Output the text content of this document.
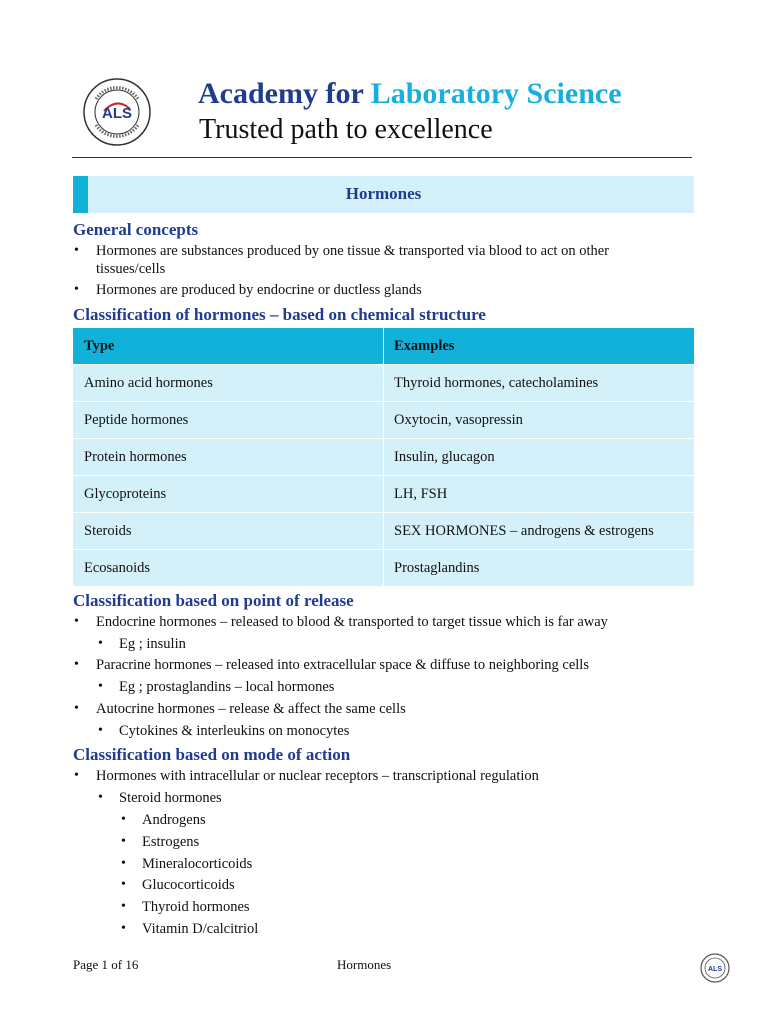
ALS
Academy for Laboratory Science
Trusted path to excellence
Hormones
General concepts
• Hormones are substances produced by one tissue & transported via blood to act on other
tissues/cells
• Hormones are produced by endocrine or ductless glands
Classification of hormones – based on chemical structure
Type	Examples
Amino acid hormones	Thyroid hormones, catecholamines
Peptide hormones	Oxytocin, vasopressin
Protein hormones	Insulin, glucagon
Glycoproteins	LH, FSH
Steroids	SEX HORMONES – androgens & estrogens
Ecosanoids	Prostaglandins
Classification based on point of release
• Endocrine hormones – released to blood & transported to target tissue which is far away
• Eg ; insulin
• Paracrine hormones – released into extracellular space & diffuse to neighboring cells
• Eg ; prostaglandins – local hormones
• Autocrine hormones – release & affect the same cells
• Cytokines & interleukins on monocytes
Classification based on mode of action
• Hormones with intracellular or nuclear receptors – transcriptional regulation
• Steroid hormones
• Androgens
• Estrogens
• Mineralocorticoids
• Glucocorticoids
• Thyroid hormones
• Vitamin D/calcitriol
Page 1 of 16	Hormones	ALS
